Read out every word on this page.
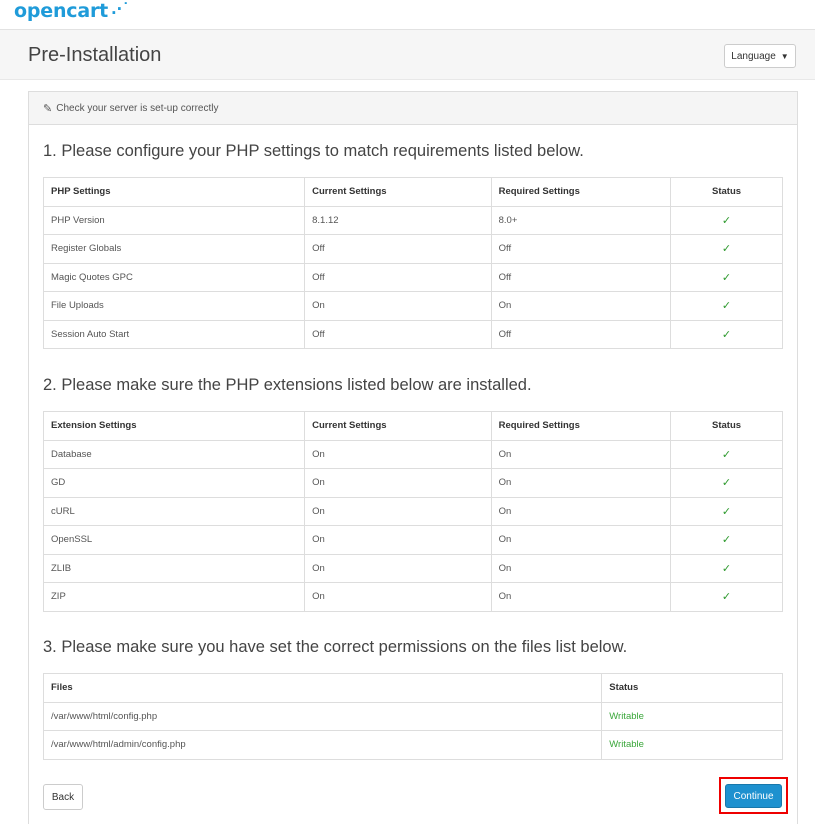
opencart .·˙
Pre-Installation	Language ▼
✎ Check your server is set-up correctly
1. Please configure your PHP settings to match requirements listed below.
PHP Settings	Current Settings	Required Settings	Status
PHP Version	8.1.12	8.0+	✓
Register Globals	Off	Off	✓
Magic Quotes GPC	Off	Off	✓
File Uploads	On	On	✓
Session Auto Start	Off	Off	✓
2. Please make sure the PHP extensions listed below are installed.
Extension Settings	Current Settings	Required Settings	Status
Database	On	On	✓
GD	On	On	✓
cURL	On	On	✓
OpenSSL	On	On	✓
ZLIB	On	On	✓
ZIP	On	On	✓
3. Please make sure you have set the correct permissions on the files list below.
Files	Status
/var/www/html/config.php	Writable
/var/www/html/admin/config.php	Writable
Back	Continue
